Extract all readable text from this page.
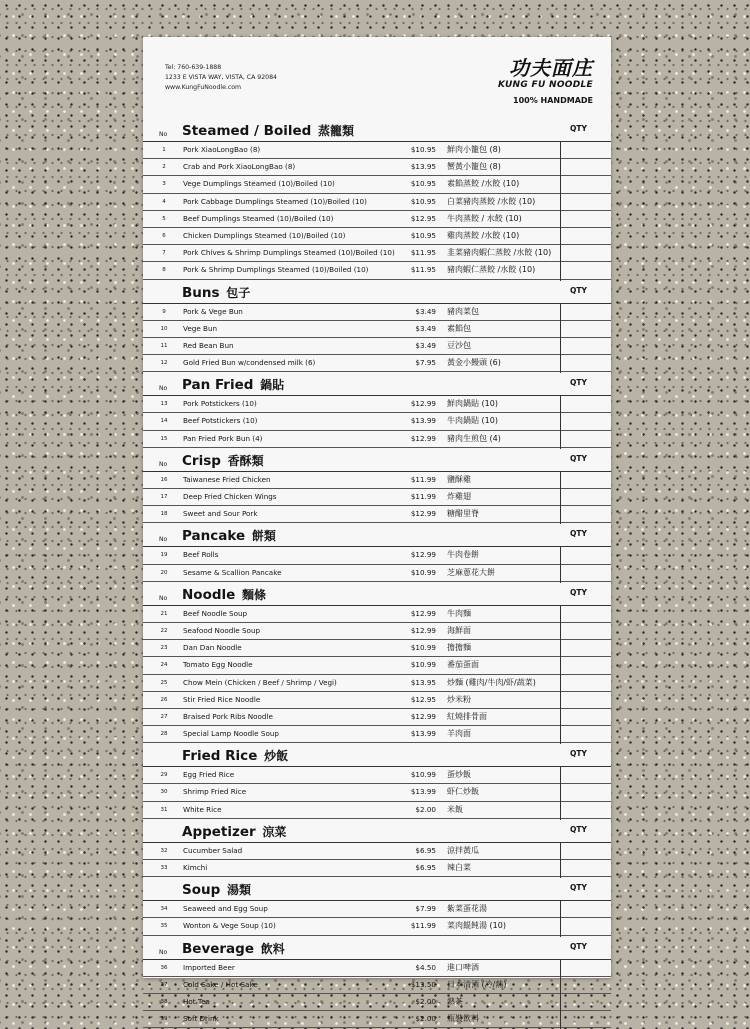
Tel: 760-639-1888
1233 E VISTA WAY, VISTA, CA 92084
www.KungFuNoodle.com
功夫面庄
KUNG FU NOODLE
100% HANDMADE
No Steamed / Boiled 蒸籠類	QTY
1	Pork XiaoLongBao (8)	$10.95 鮮肉小籠包 (8)
2	Crab and Pork XiaoLongBao (8)	$13.95 蟹黃小籠包 (8)
3	Vege Dumplings Steamed (10)/Boiled (10)	$10.95 素餡蒸餃 /水餃 (10)
4	Pork Cabbage Dumplings Steamed (10)/Boiled (10)	$10.95 白菜豬肉蒸餃 /水餃 (10)
5	Beef Dumplings Steamed (10)/Boiled (10)	$12.95 牛肉蒸餃 / 水餃 (10)
6	Chicken Dumplings Steamed (10)/Boiled (10)	$10.95 雞肉蒸餃 /水餃 (10)
7	Pork Chives & Shrimp Dumplings Steamed (10)/Boiled (10) $11.95 韭菜豬肉蝦仁蒸餃 /水餃 (10)
8	Pork & Shrimp Dumplings Steamed (10)/Boiled (10)	$11.95 豬肉蝦仁蒸餃 /水餃 (10)
Buns 包子	QTY
9	Pork & Vege Bun	$3.49 豬肉菜包
10 Vege Bun	$3.49 素餡包
11 Red Bean Bun	$3.49 豆沙包
12 Gold Fried Bun w/condensed milk (6)	$7.95 黃金小饅頭 (6)
No Pan Fried 鍋貼	QTY
13 Pork Potstickers (10)	$12.99 鮮肉鍋貼 (10)
14 Beef Potstickers (10)	$13.99 牛肉鍋貼 (10)
15 Pan Fried Pork Bun (4)	$12.99 豬肉生煎包 (4)
No Crisp 香酥類	QTY
16 Taiwanese Fried Chicken	$11.99 鹽酥雞
17 Deep Fried Chicken Wings	$11.99 炸雞翅
18 Sweet and Sour Pork	$12.99 糖醋里脊
No Pancake 餅類	QTY
19 Beef Rolls	$12.99 牛肉卷餅
20 Sesame & Scallion Pancake	$10.99 芝麻蔥花大餅
No Noodle 麵條	QTY
21 Beef Noodle Soup	$12.99 牛肉麵
22 Seafood Noodle Soup	$12.99 海鮮面
23 Dan Dan Noodle	$10.99 擔擔麵
24 Tomato Egg Noodle	$10.99 番茄蛋面
25 Chow Mein (Chicken / Beef / Shrimp / Vegi)	$13.95 炒麵 (雞肉/牛肉/虾/蔬菜)
26 Stir Fried Rice Noodle	$12.95 炒米粉
27 Braised Pork Ribs Noodle	$12.99 紅燒排骨面
28 Special Lamp Noodle Soup	$13.99 羊肉面
Fried Rice 炒飯	QTY
29 Egg Fried Rice	$10.99 蛋炒飯
30 Shrimp Fried Rice	$13.99 虾仁炒飯
31 White Rice	$2.00 米飯
Appetizer 涼菜	QTY
32 Cucumber Salad	$6.95 涼拌黃瓜
33 Kimchi	$6.95 辣白菜
Soup 湯類	QTY
34 Seaweed and Egg Soup	$7.99 紫菜蛋花湯
35 Wonton & Vege Soup (10)	$11.99 菜肉餛飩湯 (10)
No Beverage 飲料	QTY
36 Imported Beer	$4.50 進口啤酒
37 Cold Sake / Hot Sake	$13.50 日本清酒 (冷/熱)
38 Hot Tea	$2.00 熱茶
39 Soft Drink	$2.00 瓶裝飲料
